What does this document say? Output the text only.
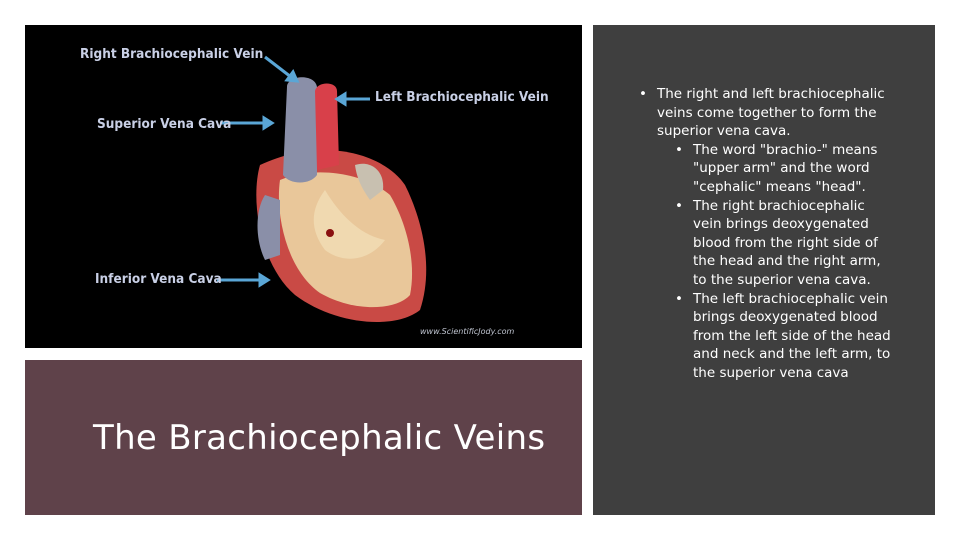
Right Brachiocephalic Vein
Left Brachiocephalic Vein
Superior Vena Cava
Inferior Vena Cava
www.ScientificJody.com
The Brachiocephalic Veins
• The right and left brachiocephalic veins come together to form the superior vena cava.
• The word "brachio-" means "upper arm" and the word "cephalic" means "head".
• The right brachiocephalic vein brings deoxygenated blood from the right side of the head and the right arm, to the superior vena cava.
• The left brachiocephalic vein brings deoxygenated blood from the left side of the head and neck and the left arm, to the superior vena cava
